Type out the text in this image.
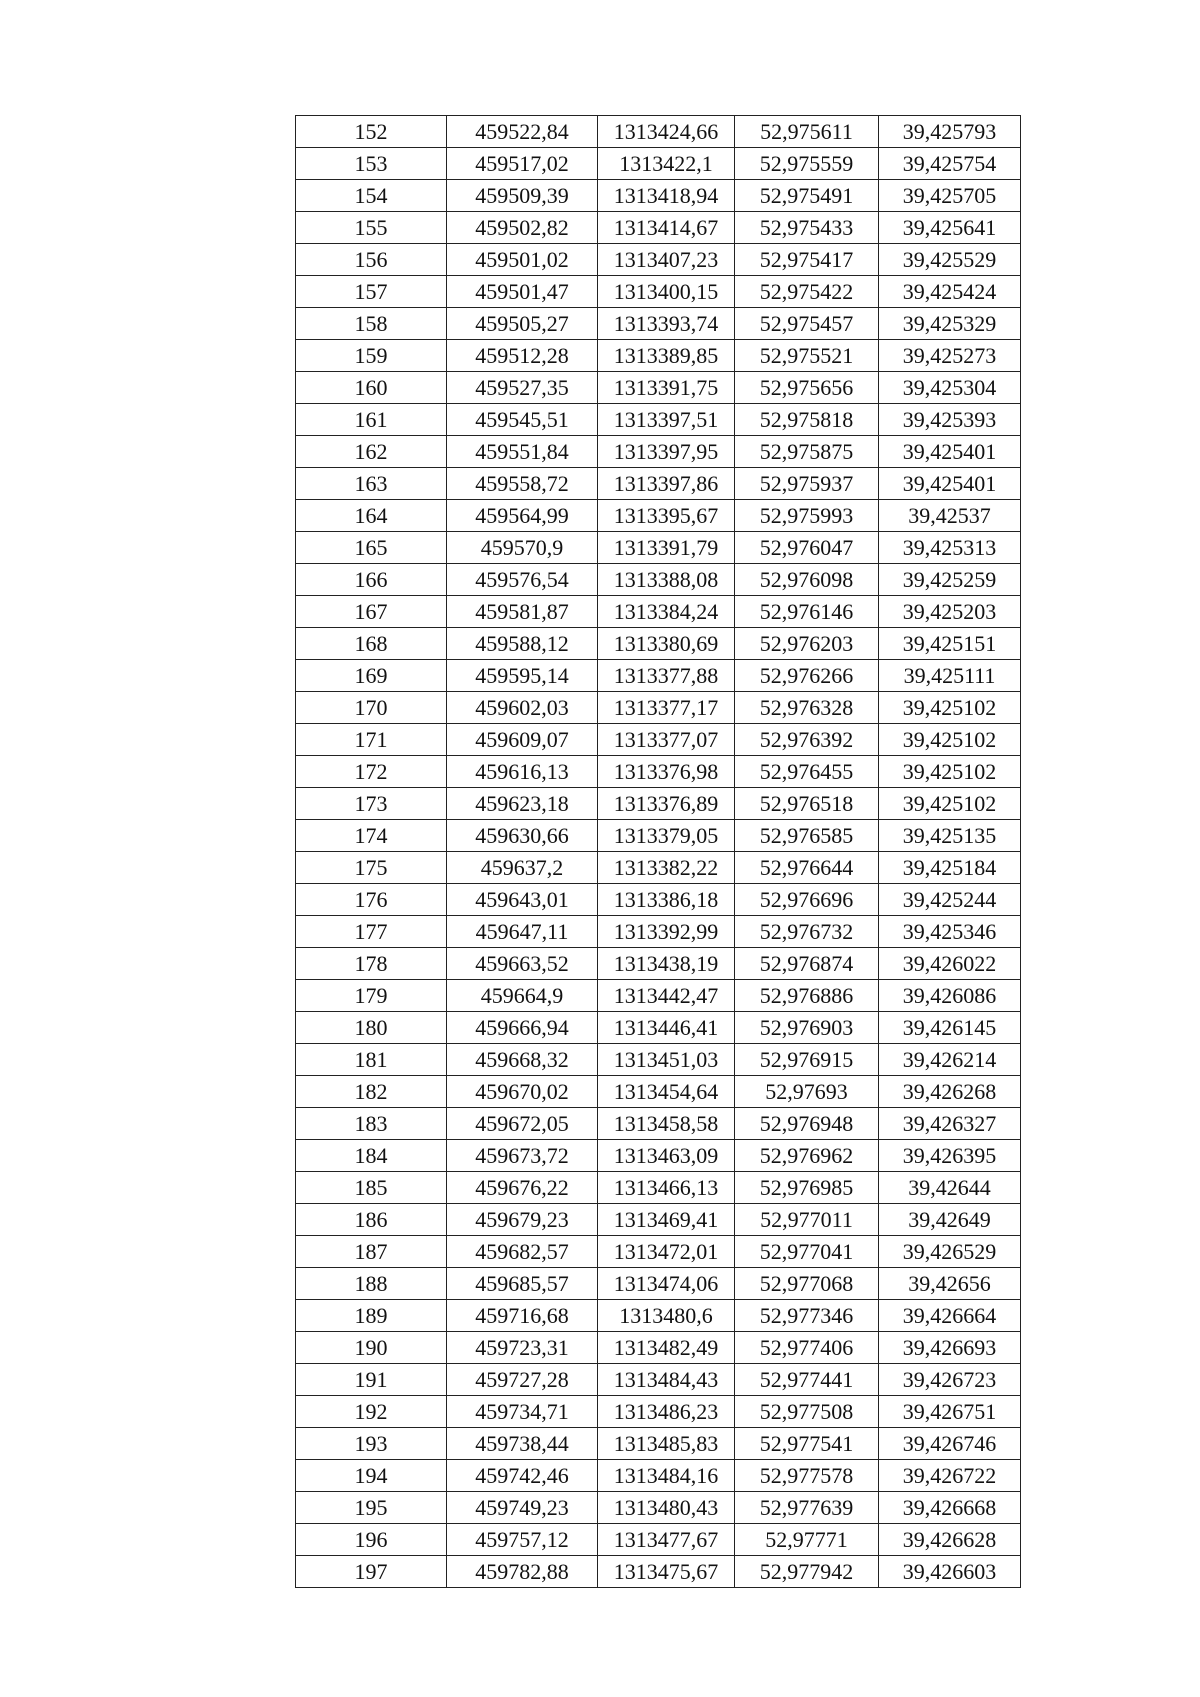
152	459522,84	1313424,66	52,975611	39,425793
153	459517,02	1313422,1	52,975559	39,425754
154	459509,39	1313418,94	52,975491	39,425705
155	459502,82	1313414,67	52,975433	39,425641
156	459501,02	1313407,23	52,975417	39,425529
157	459501,47	1313400,15	52,975422	39,425424
158	459505,27	1313393,74	52,975457	39,425329
159	459512,28	1313389,85	52,975521	39,425273
160	459527,35	1313391,75	52,975656	39,425304
161	459545,51	1313397,51	52,975818	39,425393
162	459551,84	1313397,95	52,975875	39,425401
163	459558,72	1313397,86	52,975937	39,425401
164	459564,99	1313395,67	52,975993	39,42537
165	459570,9	1313391,79	52,976047	39,425313
166	459576,54	1313388,08	52,976098	39,425259
167	459581,87	1313384,24	52,976146	39,425203
168	459588,12	1313380,69	52,976203	39,425151
169	459595,14	1313377,88	52,976266	39,425111
170	459602,03	1313377,17	52,976328	39,425102
171	459609,07	1313377,07	52,976392	39,425102
172	459616,13	1313376,98	52,976455	39,425102
173	459623,18	1313376,89	52,976518	39,425102
174	459630,66	1313379,05	52,976585	39,425135
175	459637,2	1313382,22	52,976644	39,425184
176	459643,01	1313386,18	52,976696	39,425244
177	459647,11	1313392,99	52,976732	39,425346
178	459663,52	1313438,19	52,976874	39,426022
179	459664,9	1313442,47	52,976886	39,426086
180	459666,94	1313446,41	52,976903	39,426145
181	459668,32	1313451,03	52,976915	39,426214
182	459670,02	1313454,64	52,97693	39,426268
183	459672,05	1313458,58	52,976948	39,426327
184	459673,72	1313463,09	52,976962	39,426395
185	459676,22	1313466,13	52,976985	39,42644
186	459679,23	1313469,41	52,977011	39,42649
187	459682,57	1313472,01	52,977041	39,426529
188	459685,57	1313474,06	52,977068	39,42656
189	459716,68	1313480,6	52,977346	39,426664
190	459723,31	1313482,49	52,977406	39,426693
191	459727,28	1313484,43	52,977441	39,426723
192	459734,71	1313486,23	52,977508	39,426751
193	459738,44	1313485,83	52,977541	39,426746
194	459742,46	1313484,16	52,977578	39,426722
195	459749,23	1313480,43	52,977639	39,426668
196	459757,12	1313477,67	52,97771	39,426628
197	459782,88	1313475,67	52,977942	39,426603
